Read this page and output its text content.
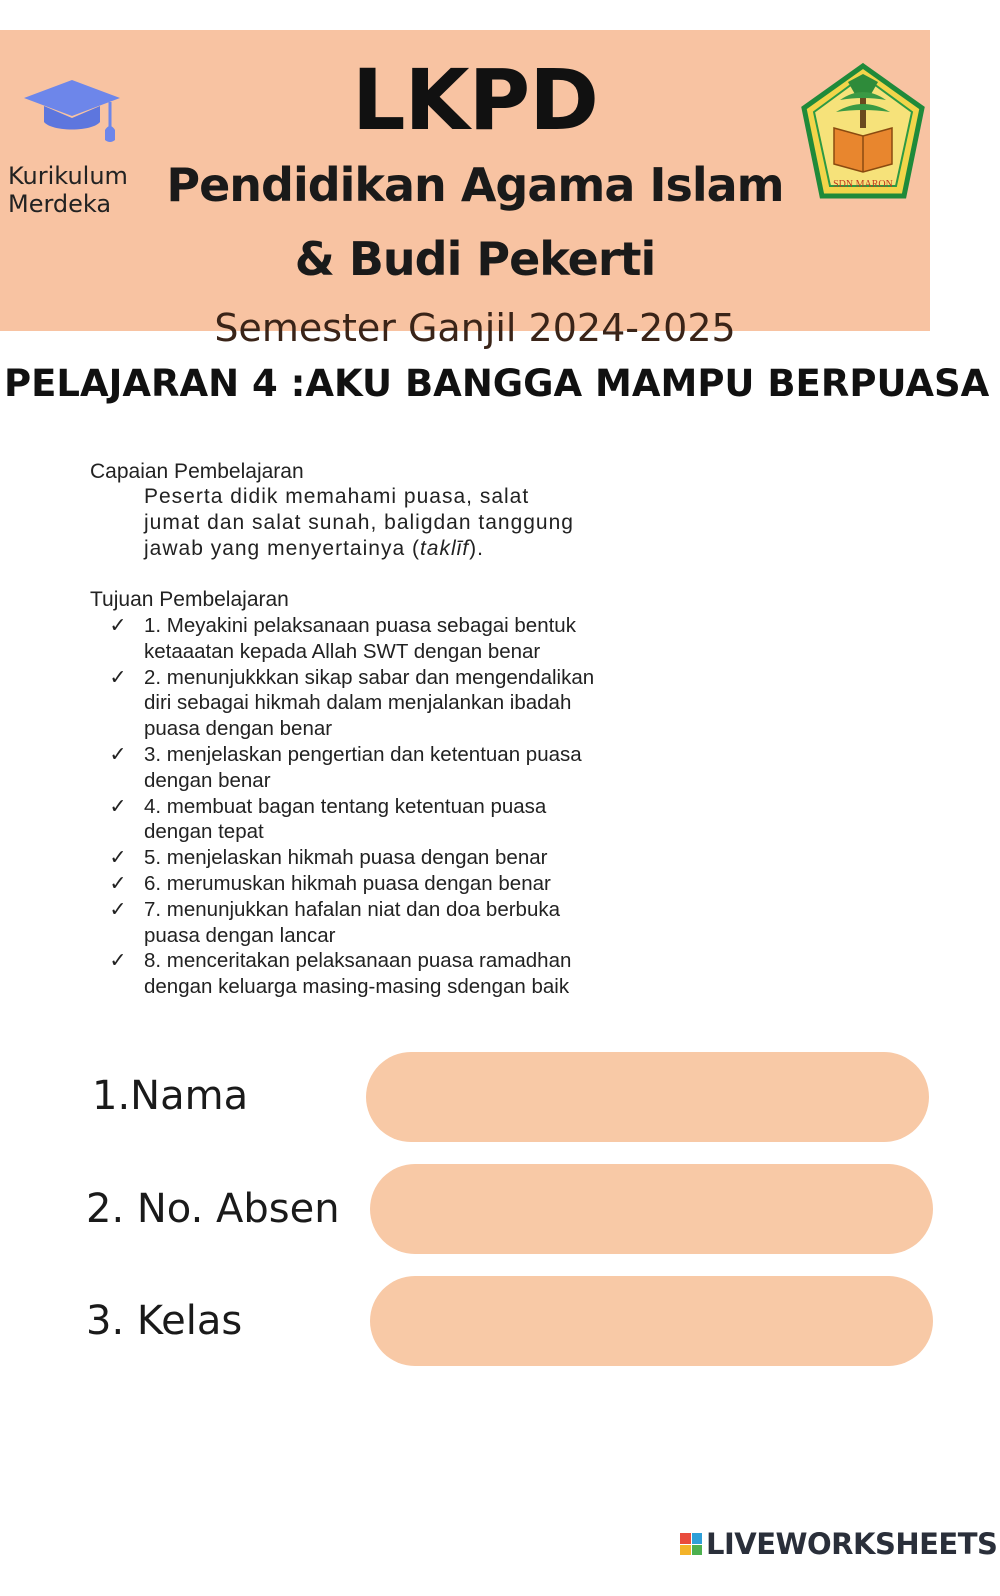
Kurikulum
Merdeka
LKPD
Pendidikan Agama Islam
& Budi Pekerti
Semester Ganjil 2024-2025
SDN MARON
PELAJARAN 4 :AKU BANGGA MAMPU BERPUASA
Capaian Pembelajaran
Peserta didik memahami puasa, salat
jumat dan salat sunah, baligdan tanggung
jawab yang menyertainya (taklīf).
Tujuan Pembelajaran
✓ 1. Meyakini pelaksanaan puasa sebagai bentuk
ketaaatan kepada Allah SWT dengan benar
✓ 2. menunjukkkan sikap sabar dan mengendalikan
diri sebagai hikmah dalam menjalankan ibadah
puasa dengan benar
✓ 3. menjelaskan pengertian dan ketentuan puasa
dengan benar
✓ 4. membuat bagan tentang ketentuan puasa
dengan tepat
✓ 5. menjelaskan hikmah puasa dengan benar
✓ 6. merumuskan hikmah puasa dengan benar
✓ 7. menunjukkan hafalan niat dan doa berbuka
puasa dengan lancar
✓ 8. menceritakan pelaksanaan puasa ramadhan
dengan keluarga masing-masing sdengan baik
1.Nama
2. No. Absen
3. Kelas
LIVEWORKSHEETS
